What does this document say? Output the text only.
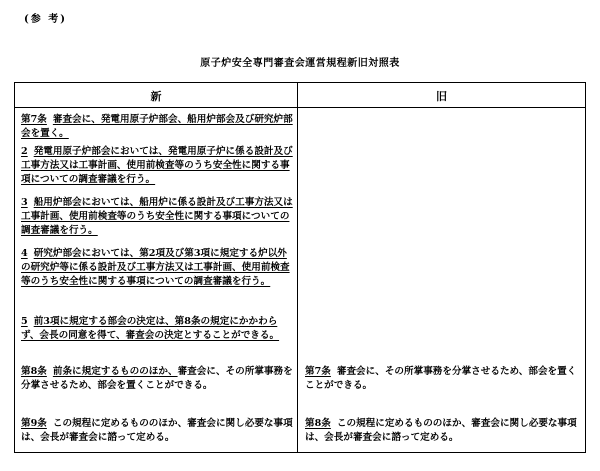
(参 考)
原子炉安全専門審査会運営規程新旧対照表
新	旧
第7条 審査会に、発電用原子炉部会、船用炉部会及び研究炉部会を置く。
2 発電用原子炉部会においては、発電用原子炉に係る設計及び工事方法又は工事計画、使用前検査等のうち安全性に関する事項についての調査審議を行う。
3 船用炉部会においては、船用炉に係る設計及び工事方法又は工事計画、使用前検査等のうち安全性に関する事項についての調査審議を行う。
4 研究炉部会においては、第2項及び第3項に規定する炉以外の研究炉等に係る設計及び工事方法又は工事計画、使用前検査等のうち安全性に関する事項についての調査審議を行う。
5 前3項に規定する部会の決定は、第8条の規定にかかわらず、会長の同意を得て、審査会の決定とすることができる。
第8条 前条に規定するもののほか、審査会に、その所掌事務を分掌させるため、部会を置くことができる。
第9条 この規程に定めるもののほか、審査会に関し必要な事項は、会長が審査会に諮って定める。
第7条 審査会に、その所掌事務を分掌させるため、部会を置くことができる。
第8条 この規程に定めるもののほか、審査会に関し必要な事項は、会長が審査会に諮って定める。
